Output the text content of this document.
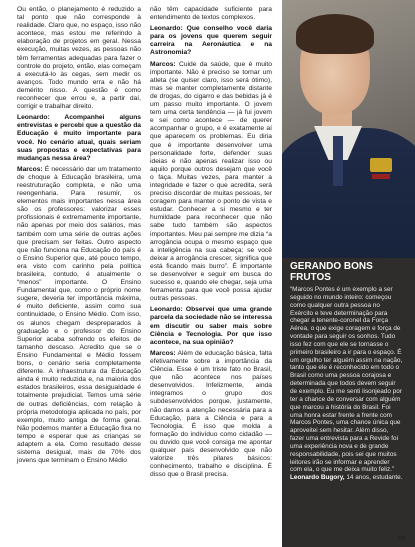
Ou então, o planejamento é reduzido a tal ponto que não corresponde à realidade. Claro que, no espaço, isso não acontece, mas estou me referindo à elaboração de projetos em geral. Nessa execução, muitas vezes, as pessoas não têm ferramentas adequadas para fazer o controle do projeto, então, elas começam a executá-lo às cegas, sem medir os avanços. Todo mundo erra e não há demérito nisso. A questão é como reconhecer que errou e, a partir daí, corrigir e trabalhar direito.

Leonardo: Acompanhei alguns entrevistas e percebi que a questão da Educação é muito importante para você. No cenário atual, quais seriam suas propostas e expectativas para mudanças nessa área?

Marcos: É necessário dar um tratamento de choque à Educação brasileira, uma reestruturação completa, e não uma reengenharia. Para resumir, os elementos mais importantes nessa área são os professores: valorizar esses profissionais é extremamente importante, não apenas por meio dos salários, mas também com uma série de outras ações que precisam ser feitas. Outro aspecto que não funciona na Educação do país é o Ensino Superior que, até pouco tempo, era visto com carinho pela política brasileira, contudo, é atualmente o “menos” importante. O Ensino Fundamental que, como o próprio nome sugere, deveria ter importância máxima, é muito deficiente, assim como sua continuidade, o Ensino Médio. Com isso, os alunos chegam despreparados à graduação e o professor do Ensino Superior acaba sofrendo os efeitos de tamanho descaso. Acredito que se o Ensino Fundamental e Médio fossem bons, o cenário seria completamente diferente. A infraestrutura da Educação ainda é muito reduzida e, na maioria dos estados brasileiros, essa desigualdade é totalmente prejudicial. Temos uma série de outras deficiências, com relação à própria metodologia aplicada no país, por exemplo, muito antiga de forma geral. Não podemos manter a Educação fixa no tempo e esperar que as crianças se adaptem a ela. Como resultado desse sistema desigual, mais de 70% dos jovens que terminam o Ensino Médio

não têm capacidade suficiente para entendimento de textos complexos.

Leonardo: Que conselho você daria para os jovens que querem seguir carreira na Aeronáutica e na Astronomia?

Marcos: Cuide da saúde, que é muito importante. Não é preciso se tornar um atleta (se quiser claro, isso será ótimo), mas se manter completamente distante de drogas, do cigarro e das bebidas já é um passo muito importante. O jovem tem uma certa tendência — já fui jovem e sei como acontece — de querer acompanhar o grupo, e é exatamente aí que aparecem os problemas. Eu diria que é importante desenvolver uma personalidade forte, defender suas ideias e não apenas realizar isso ou aquilo porque outros desejam que você o faça. Muitas vezes, para manter a integridade e fazer o que acredita, será preciso discordar de muitas pessoas, ter coragem para manter o ponto de vista e estudar. Conhecer a si mesmo e ter humildade para reconhecer que não sabe tudo também são aspectos importantes. Meu pai sempre me dizia “a arrogância ocupa o mesmo espaço que a inteligência na sua cabeça; se você deixar a arrogância crescer, significa que está ficando mais burro”. É importante se desenvolver e seguir em busca do sucesso e, quando ele chegar, seja uma ferramenta para que você possa ajudar outras pessoas.

Leonardo: Observei que uma grande parcela da sociedade não se interessa em discutir ou saber mais sobre Ciência e Tecnologia. Por que isso acontece, na sua opinião?

Marcos: Além de educação básica, falta efetivamente sobre a importância da Ciência. Esse é um triste fato no Brasil, que não acontece nos países desenvolvidos. Infelizmente, ainda integramos o grupo dos subdesenvolvidos porque, justamente, não damos a atenção necessária para a Educação, para a Ciência e para a Tecnologia. É isso que molda a formação do indivíduo como cidadão — ou duvido que você consiga me apontar qualquer país desenvolvido que não valorize três pilares básicos: conhecimento, trabalho e disciplina. É disso que o Brasil precisa.

GERANDO BONS FRUTOS
“Marcos Pontes é um exemplo a ser seguido no mundo inteiro: começou como qualquer outra pessoa no Exército e teve determinação para chegar a tenente-coronel da Força Aérea, o que exige coragem e força de vontade para seguir os sonhos. Tudo isso fez com que ele se tornasse o primeiro brasileiro a ir para o espaço. É um orgulho ter alguém assim na nação, tanto que ele é reconhecido em todo o Brasil como uma pessoa corajosa e determinada que todos devem seguir de exemplo. Eu me senti lisonjeado por ter a chance de conversar com alguém que marcou a história do Brasil. Foi uma honra estar frente a frente com Marcos Pontes, uma chance única que aproveitei sem hesitar. Além disso, fazer uma entrevista para a Revide foi uma experiência nova e de grande responsabilidade, pois sei que muitos leitores irão se informar e aprender com ela, o que me deixa muito feliz.” Leonardo Bugory, 14 anos, estudante.
23
